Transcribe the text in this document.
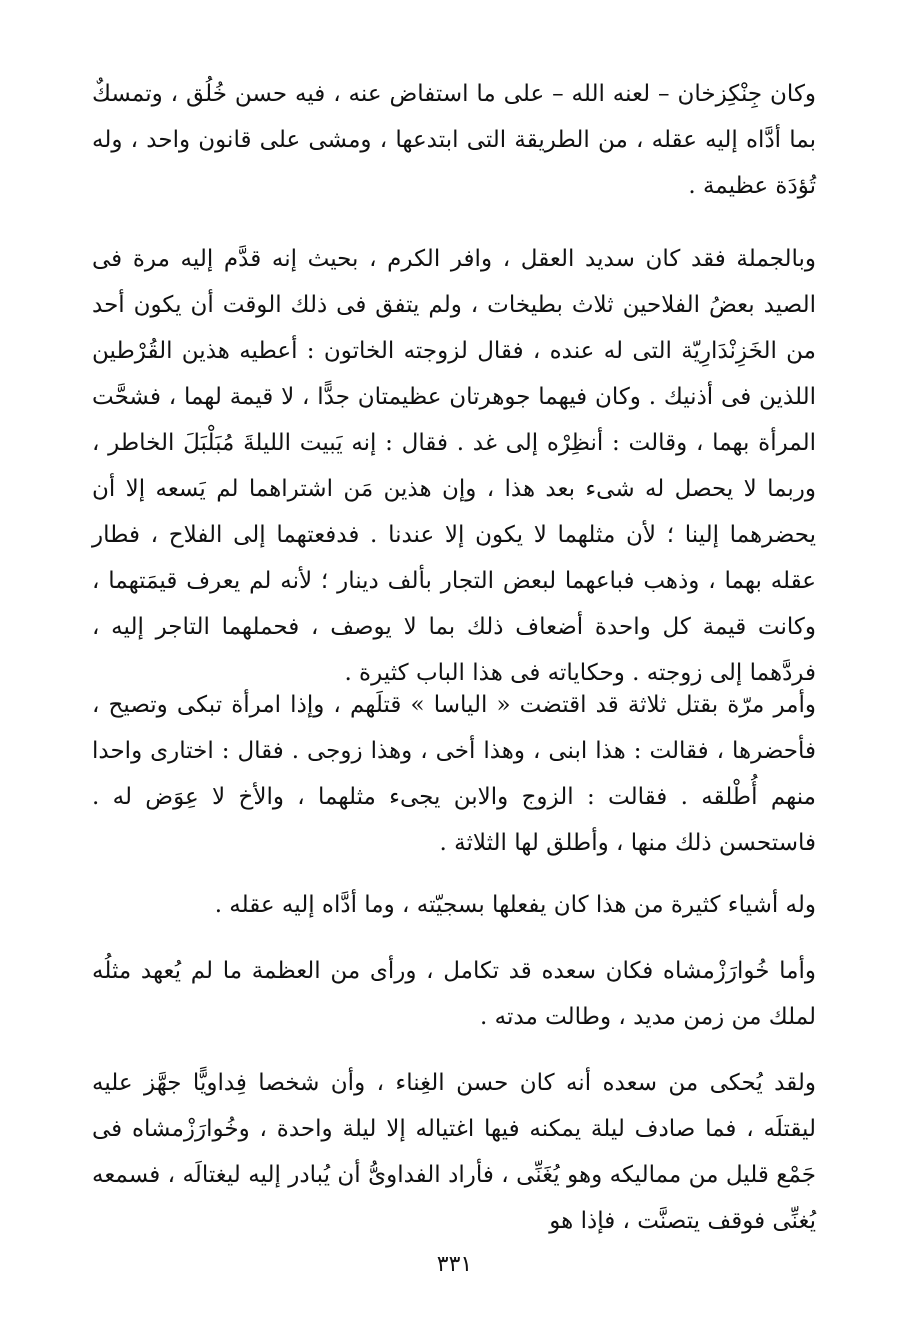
وكان جِنْكِزخان – لعنه الله – على ما استفاض عنه ، فيه حسن خُلُق ، وتمسكٌ بما أدَّاه إليه عقله ، من الطريقة التى ابتدعها ، ومشى على قانون واحد ، وله تُؤدَة عظيمة .

وبالجملة فقد كان سديد العقل ، وافر الكرم ، بحيث إنه قدَّم إليه مرة فى الصيد بعضُ الفلاحين ثلاث بطيخات ، ولم يتفق فى ذلك الوقت أن يكون أحد من الخَزِنْدَارِيّة التى له عنده ، فقال لزوجته الخاتون : أعطيه هذين القُرْطين اللذين فى أذنيك . وكان فيهما جوهرتان عظيمتان جدًّا ، لا قيمة لهما ، فشحَّت المرأة بهما ، وقالت : أنظِرْه إلى غد . فقال : إنه يَبيت الليلةَ مُبَلْبَلَ الخاطر ، وربما لا يحصل له شىء بعد هذا ، وإن هذين مَن اشتراهما لم يَسعه إلا أن يحضرهما إلينا ؛ لأن مثلهما لا يكون إلا عندنا . فدفعتهما إلى الفلاح ، فطار عقله بهما ، وذهب فباعهما لبعض التجار بألف دينار ؛ لأنه لم يعرف قيمَتهما ، وكانت قيمة كل واحدة أضعاف ذلك بما لا يوصف ، فحملهما التاجر إليه ، فردَّهما إلى زوجته . وحكاياته فى هذا الباب كثيرة .

وأمر مرّة بقتل ثلاثة قد اقتضت « الياسا » قتلَهم ، وإذا امرأة تبكى وتصيح ، فأحضرها ، فقالت : هذا ابنى ، وهذا أخى ، وهذا زوجى . فقال : اختارى واحدا منهم أُطْلقه . فقالت : الزوج والابن يجىء مثلهما ، والأخ لا عِوَض له . فاستحسن ذلك منها ، وأطلق لها الثلاثة .

وله أشياء كثيرة من هذا كان يفعلها بسجيّته ، وما أدَّاه إليه عقله .

وأما خُوارَزْمشاه فكان سعده قد تكامل ، ورأى من العظمة ما لم يُعهد مثلُه لملك من زمن مديد ، وطالت مدته .

ولقد يُحكى من سعده أنه كان حسن الغِناء ، وأن شخصا فِداويًّا جهَّز عليه ليقتلَه ، فما صادف ليلة يمكنه فيها اغتياله إلا ليلة واحدة ، وخُوارَزْمشاه فى جَمْع قليل من مماليكه وهو يُغَنِّى ، فأراد الفداوىُّ أن يُبادر إليه ليغتالَه ، فسمعه يُغنِّى فوقف يتصنَّت ، فإذا هو

٣٣١
